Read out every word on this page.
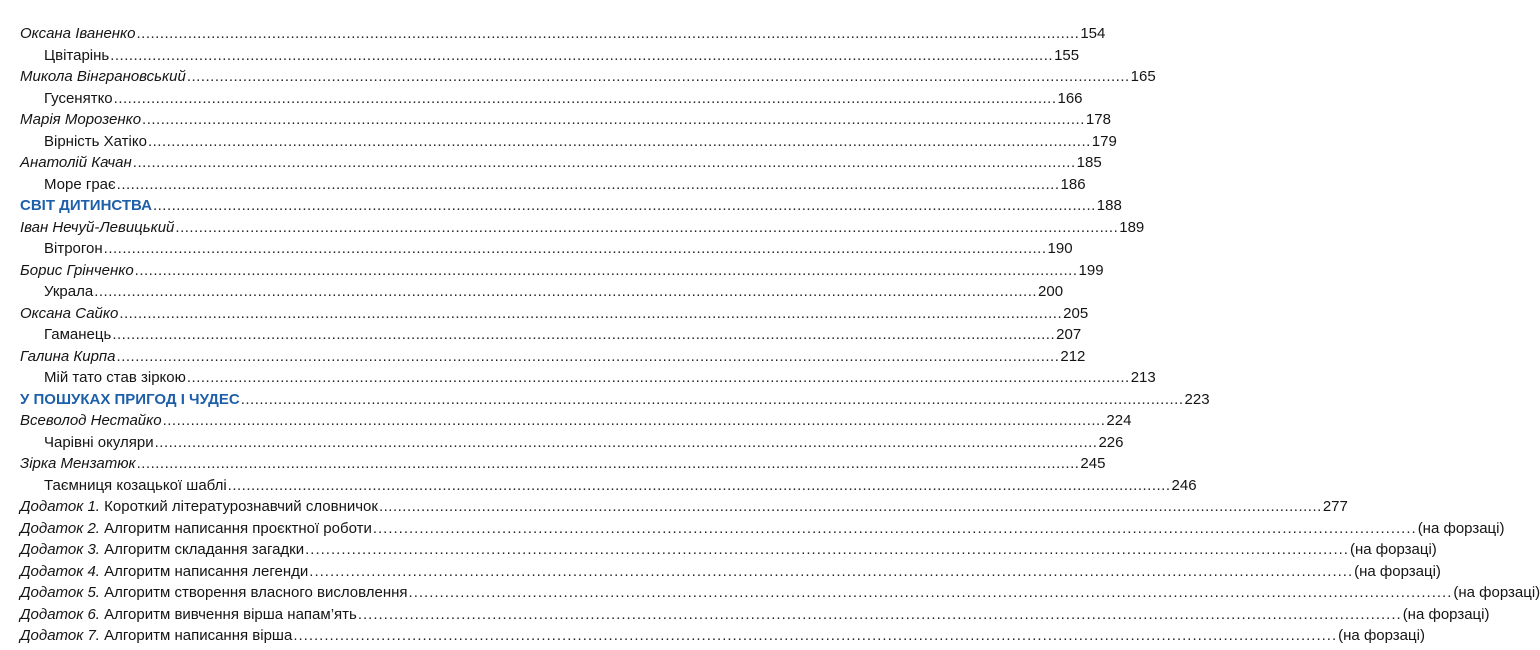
Оксана Іваненко .....	154
Цвітарінь .....	155
Микола Вінграновський .....	165
Гусенятко .....	166
Марія Морозенко .....	178
Вірність Хатіко .....	179
Анатолій Качан .....	185
Море грає .....	186
СВІТ ДИТИНСТВА .....	188
Іван Нечуй-Левицький .....	189
Вітрогон .....	190
Борис Грінченко .....	199
Украла .....	200
Оксана Сайко .....	205
Гаманець .....	207
Галина Кирпа .....	212
Мій тато став зіркою .....	213
У ПОШУКАХ ПРИГОД І ЧУДЕС .....	223
Всеволод Нестайко .....	224
Чарівні окуляри .....	226
Зірка Мензатюк .....	245
Таємниця козацької шаблі .....	246
Додаток 1. Короткий літературознавчий словничок .....	277
Додаток 2. Алгоритм написання проєктної роботи .....	(на форзаці)
Додаток 3. Алгоритм складання загадки .....	(на форзаці)
Додаток 4. Алгоритм написання легенди .....	(на форзаці)
Додаток 5. Алгоритм створення власного висловлення .....	(на форзаці)
Додаток 6. Алгоритм вивчення вірша напам’ять .....	(на форзаці)
Додаток 7. Алгоритм написання вірша .....	(на форзаці)
